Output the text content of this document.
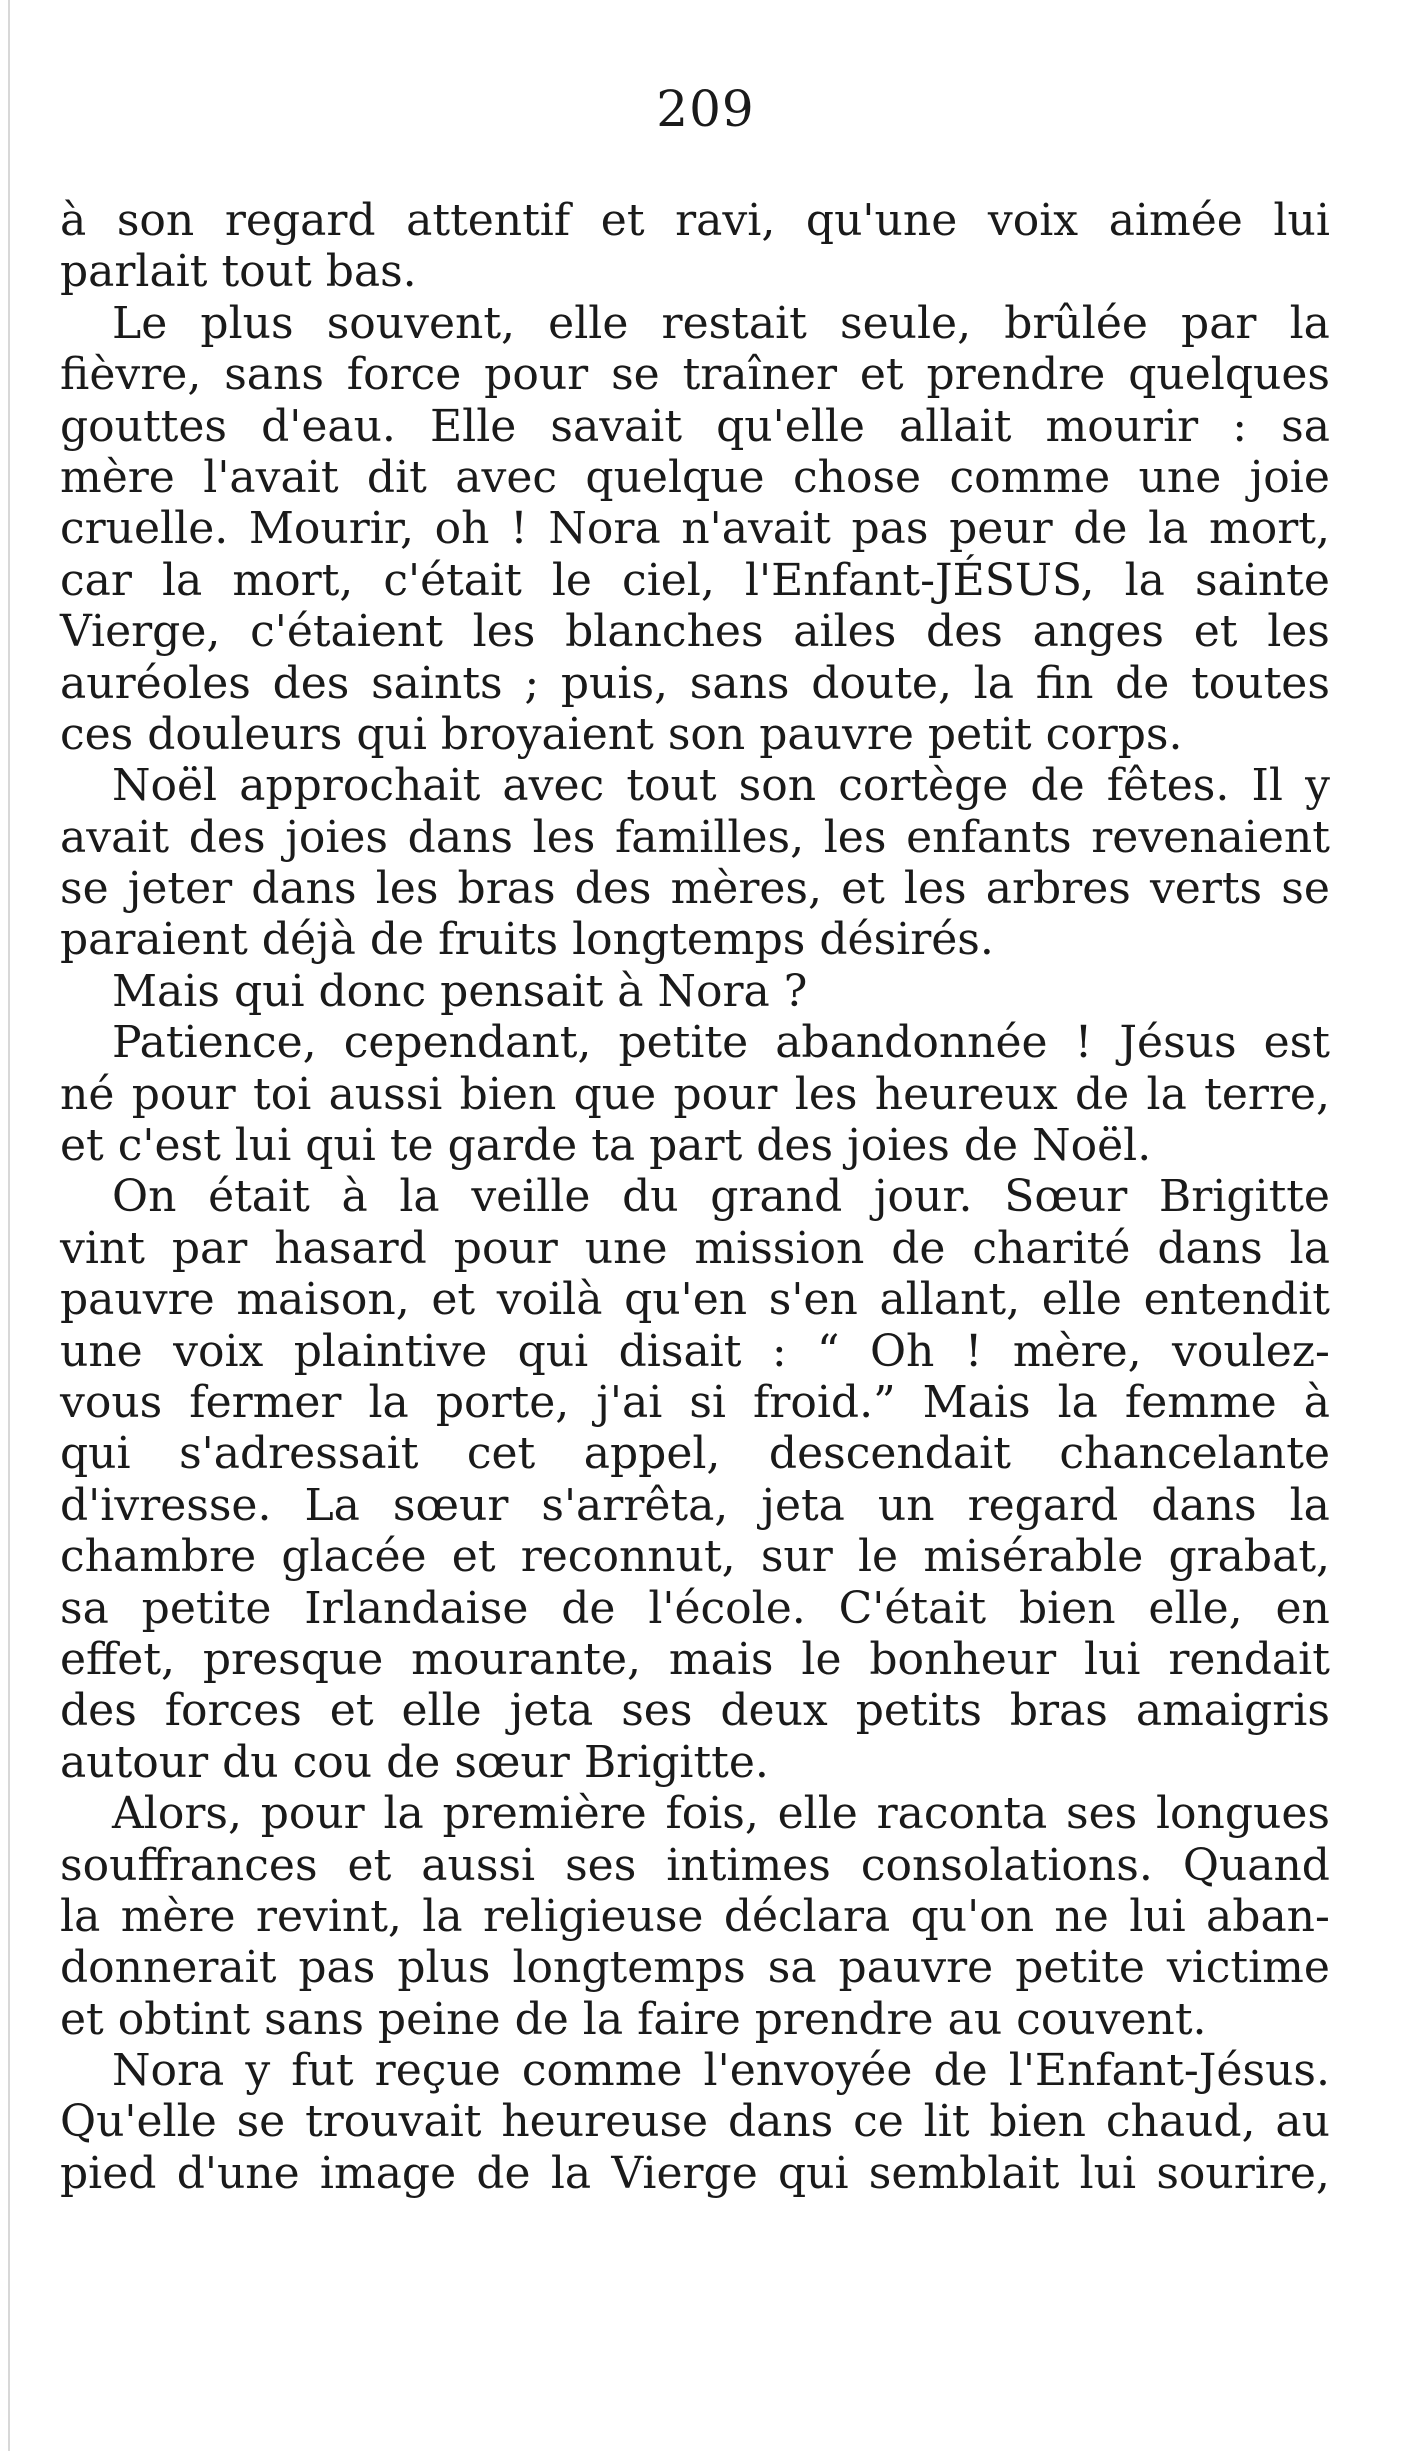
209
à son regard attentif et ravi, qu'une voix aimée lui
parlait tout bas.
Le plus souvent, elle restait seule, brûlée par la
fièvre, sans force pour se traîner et prendre quelques
gouttes d'eau. Elle savait qu'elle allait mourir : sa
mère l'avait dit avec quelque chose comme une joie
cruelle. Mourir, oh ! Nora n'avait pas peur de la mort,
car la mort, c'était le ciel, l'Enfant-JÉSUS, la sainte
Vierge, c'étaient les blanches ailes des anges et les
auréoles des saints ; puis, sans doute, la fin de toutes
ces douleurs qui broyaient son pauvre petit corps.
Noël approchait avec tout son cortège de fêtes. Il y
avait des joies dans les familles, les enfants revenaient
se jeter dans les bras des mères, et les arbres verts se
paraient déjà de fruits longtemps désirés.
Mais qui donc pensait à Nora ?
Patience, cependant, petite abandonnée ! Jésus est
né pour toi aussi bien que pour les heureux de la terre,
et c'est lui qui te garde ta part des joies de Noël.
On était à la veille du grand jour. Sœur Brigitte
vint par hasard pour une mission de charité dans la
pauvre maison, et voilà qu'en s'en allant, elle entendit
une voix plaintive qui disait : “ Oh ! mère, voulez-
vous fermer la porte, j'ai si froid.” Mais la femme à
qui s'adressait cet appel, descendait chancelante
d'ivresse. La sœur s'arrêta, jeta un regard dans la
chambre glacée et reconnut, sur le misérable grabat,
sa petite Irlandaise de l'école. C'était bien elle, en
effet, presque mourante, mais le bonheur lui rendait
des forces et elle jeta ses deux petits bras amaigris
autour du cou de sœur Brigitte.
Alors, pour la première fois, elle raconta ses longues
souffrances et aussi ses intimes consolations. Quand
la mère revint, la religieuse déclara qu'on ne lui aban-
donnerait pas plus longtemps sa pauvre petite victime
et obtint sans peine de la faire prendre au couvent.
Nora y fut reçue comme l'envoyée de l'Enfant-Jésus.
Qu'elle se trouvait heureuse dans ce lit bien chaud, au
pied d'une image de la Vierge qui semblait lui sourire,
